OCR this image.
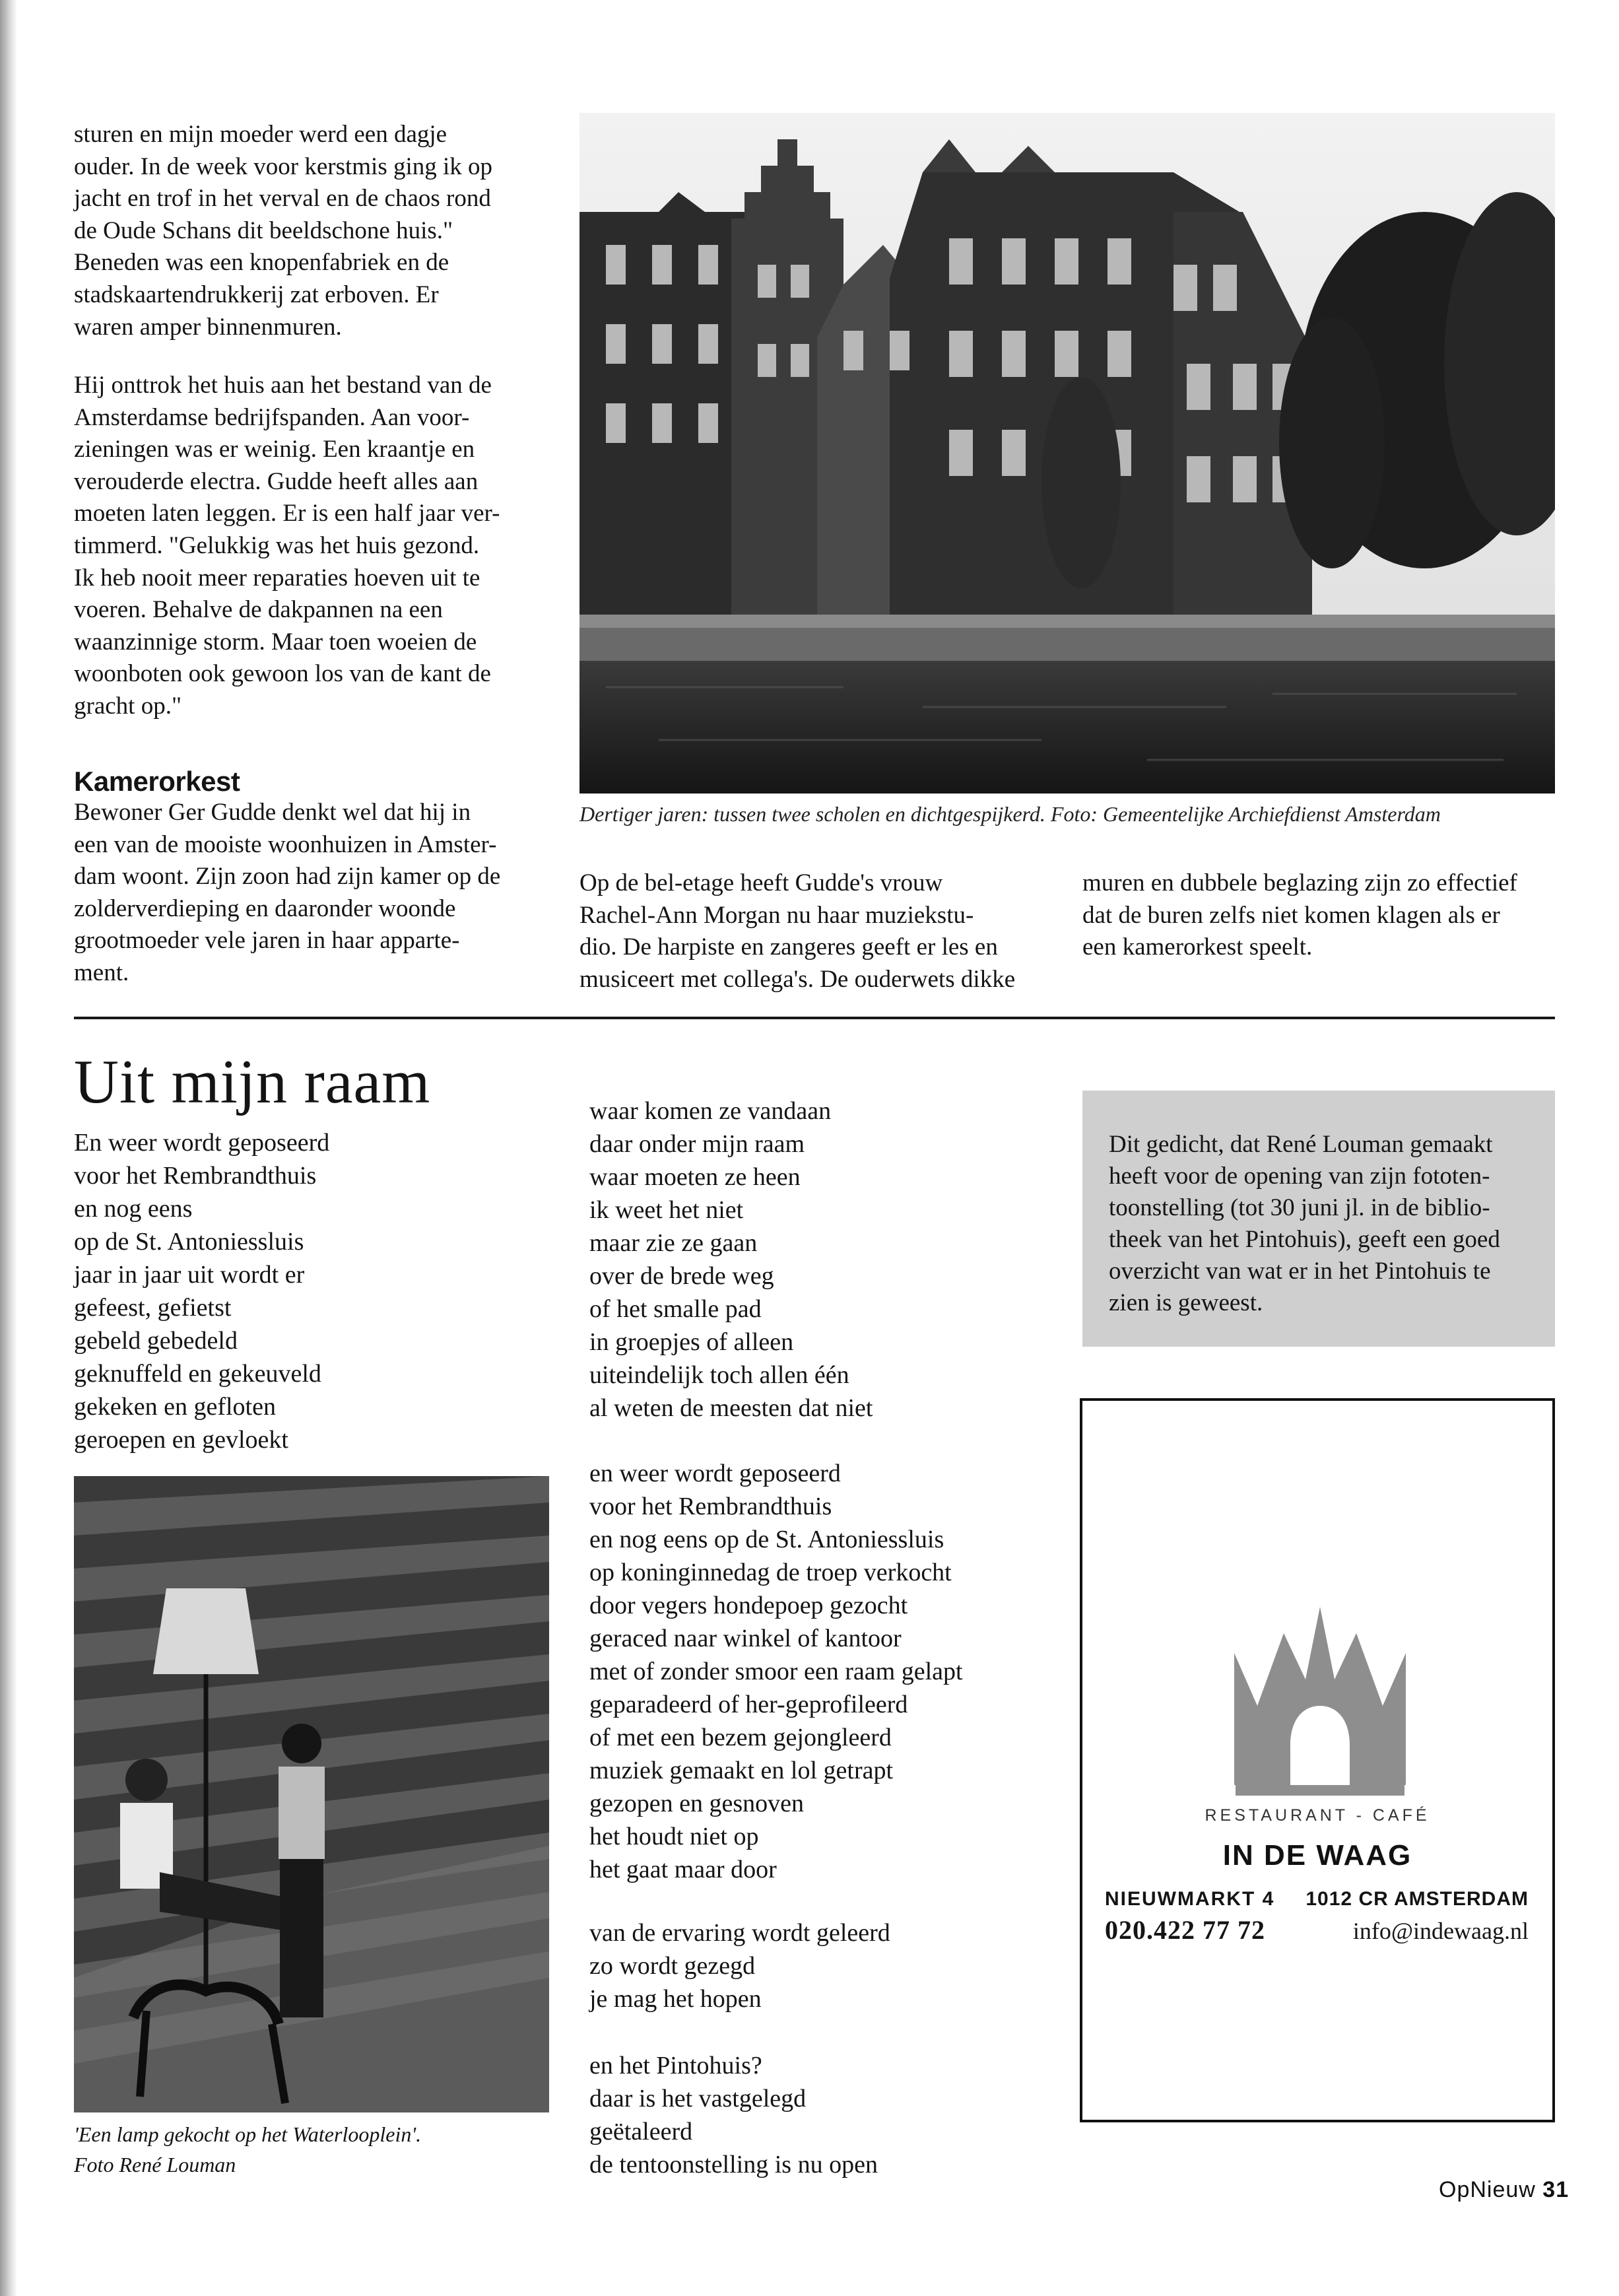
sturen en mijn moeder werd een dagje
ouder. In de week voor kerstmis ging ik op
jacht en trof in het verval en de chaos rond
de Oude Schans dit beeldschone huis."
Beneden was een knopenfabriek en de
stadskaartendrukkerij zat erboven. Er
waren amper binnenmuren.
Hij onttrok het huis aan het bestand van de
Amsterdamse bedrijfspanden. Aan voor-
zieningen was er weinig. Een kraantje en
verouderde electra. Gudde heeft alles aan
moeten laten leggen. Er is een half jaar ver-
timmerd. "Gelukkig was het huis gezond.
Ik heb nooit meer reparaties hoeven uit te
voeren. Behalve de dakpannen na een
waanzinnige storm. Maar toen woeien de
woonboten ook gewoon los van de kant de
gracht op."
Kamerorkest
Bewoner Ger Gudde denkt wel dat hij in
een van de mooiste woonhuizen in Amster-
dam woont. Zijn zoon had zijn kamer op de
zolderverdieping en daaronder woonde
grootmoeder vele jaren in haar apparte-
ment.
Dertiger jaren: tussen twee scholen en dichtgespijkerd. Foto: Gemeentelijke Archiefdienst Amsterdam
Op de bel-etage heeft Gudde's vrouw
Rachel-Ann Morgan nu haar muziekstu-
dio. De harpiste en zangeres geeft er les en
musiceert met collega's. De ouderwets dikke
muren en dubbele beglazing zijn zo effectief
dat de buren zelfs niet komen klagen als er
een kamerorkest speelt.
Uit mijn raam
En weer wordt geposeerd
voor het Rembrandthuis
en nog eens
op de St. Antoniessluis
jaar in jaar uit wordt er
gefeest, gefietst
gebeld gebedeld
geknuffeld en gekeuveld
gekeken en gefloten
geroepen en gevloekt
'Een lamp gekocht op het Waterlooplein'.
Foto René Louman
waar komen ze vandaan
daar onder mijn raam
waar moeten ze heen
ik weet het niet
maar zie ze gaan
over de brede weg
of het smalle pad
in groepjes of alleen
uiteindelijk toch allen één
al weten de meesten dat niet
en weer wordt geposeerd
voor het Rembrandthuis
en nog eens op de St. Antoniessluis
op koninginnedag de troep verkocht
door vegers hondepoep gezocht
geraced naar winkel of kantoor
met of zonder smoor een raam gelapt
geparadeerd of her-geprofileerd
of met een bezem gejongleerd
muziek gemaakt en lol getrapt
gezopen en gesnoven
het houdt niet op
het gaat maar door
van de ervaring wordt geleerd
zo wordt gezegd
je mag het hopen
en het Pintohuis?
daar is het vastgelegd
geëtaleerd
de tentoonstelling is nu open
Dit gedicht, dat René Louman gemaakt
heeft voor de opening van zijn fototen-
toonstelling (tot 30 juni jl. in de biblio-
theek van het Pintohuis), geeft een goed
overzicht van wat er in het Pintohuis te
zien is geweest.
RESTAURANT - CAFÉ
IN DE WAAG
NIEUWMARKT 4 1012 CR AMSTERDAM
020.422 77 72	info@indewaag.nl
OpNieuw 31
